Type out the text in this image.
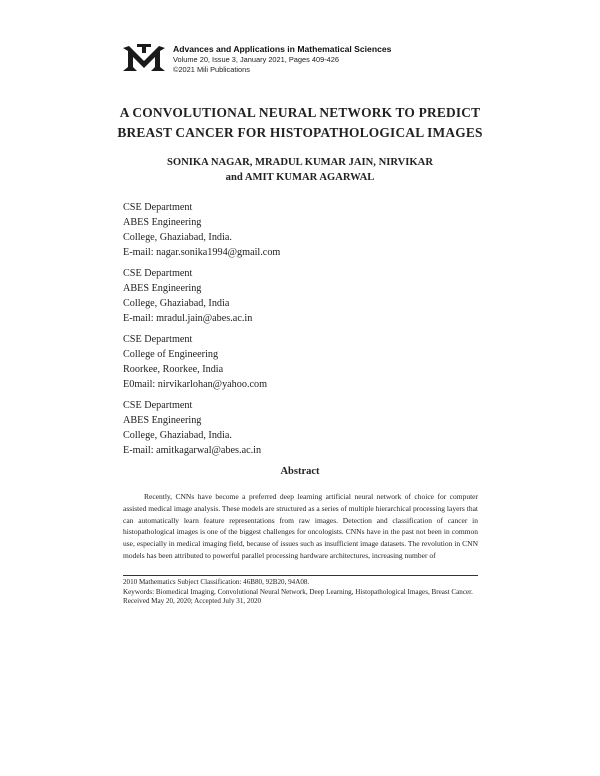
Advances and Applications in Mathematical Sciences
Volume 20, Issue 3, January 2021, Pages 409-426
©2021 Mili Publications
A CONVOLUTIONAL NEURAL NETWORK TO PREDICT
BREAST CANCER FOR HISTOPATHOLOGICAL IMAGES
SONIKA NAGAR, MRADUL KUMAR JAIN, NIRVIKAR
and AMIT KUMAR AGARWAL
CSE Department
ABES Engineering
College, Ghaziabad, India.
E-mail: nagar.sonika1994@gmail.com
CSE Department
ABES Engineering
College, Ghaziabad, India
E-mail: mradul.jain@abes.ac.in
CSE Department
College of Engineering
Roorkee, Roorkee, India
E0mail: nirvikarlohan@yahoo.com
CSE Department
ABES Engineering
College, Ghaziabad, India.
E-mail: amitkagarwal@abes.ac.in
Abstract
Recently, CNNs have become a preferred deep learning artificial neural network of choice for computer assisted medical image analysis. These models are structured as a series of multiple hierarchical processing layers that can automatically learn feature representations from raw images. Detection and classification of cancer in histopathological images is one of the biggest challenges for oncologists. CNNs have in the past not been in common use, especially in medical imaging field, because of issues such as insufficient image datasets. The revolution in CNN models has been attributed to powerful parallel processing hardware architectures, increasing number of
2010 Mathematics Subject Classification: 46B80, 92B20, 94A08.
Keywords: Biomedical Imaging, Convolutional Neural Network, Deep Learning, Histopathological Images, Breast Cancer.
Received May 20, 2020; Accepted July 31, 2020
